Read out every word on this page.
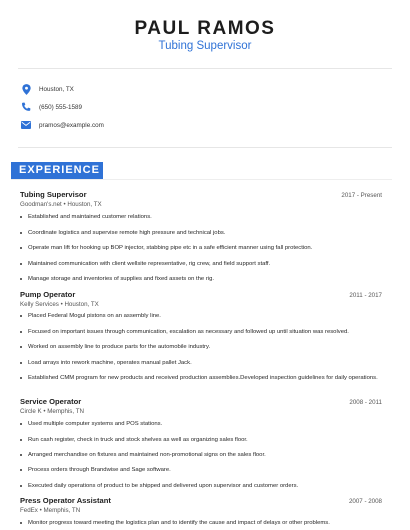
PAUL RAMOS
Tubing Supervisor
Houston, TX
(650) 555-1589
pramos@example.com
EXPERIENCE
Tubing Supervisor	2017 - Present
Goodman's.net • Houston, TX
Established and maintained customer relations.
Coordinate logistics and supervise remote high pressure and technical jobs.
Operate man lift for hooking up BOP injector, stabbing pipe etc in a safe efficient manner using fall protection.
Maintained communication with client wellsite representative, rig crew, and field support staff.
Manage storage and inventories of supplies and fixed assets on the rig.
Pump Operator	2011 - 2017
Kelly Services • Houston, TX
Placed Federal Mogul pistons on an assembly line.
Focused on important issues through communication, escalation as necessary and followed up until situation was resolved.
Worked on assembly line to produce parts for the automobile industry.
Load arrays into rework machine, operates manual pallet Jack.
Established CMM program for new products and received production assemblies.Developed inspection guidelines for daily operations.
Service Operator	2008 - 2011
Circle K • Memphis, TN
Used multiple computer systems and POS stations.
Run cash register, check in truck and stock shelves as well as organizing sales floor.
Arranged merchandise on fixtures and maintained non-promotional signs on the sales floor.
Process orders through Brandwise and Sage software.
Executed daily operations of product to be shipped and delivered upon supervisor and customer orders.
Press Operator Assistant	2007 - 2008
FedEx • Memphis, TN
Monitor progress toward meeting the logistics plan and to identify the cause and impact of delays or other problems.
